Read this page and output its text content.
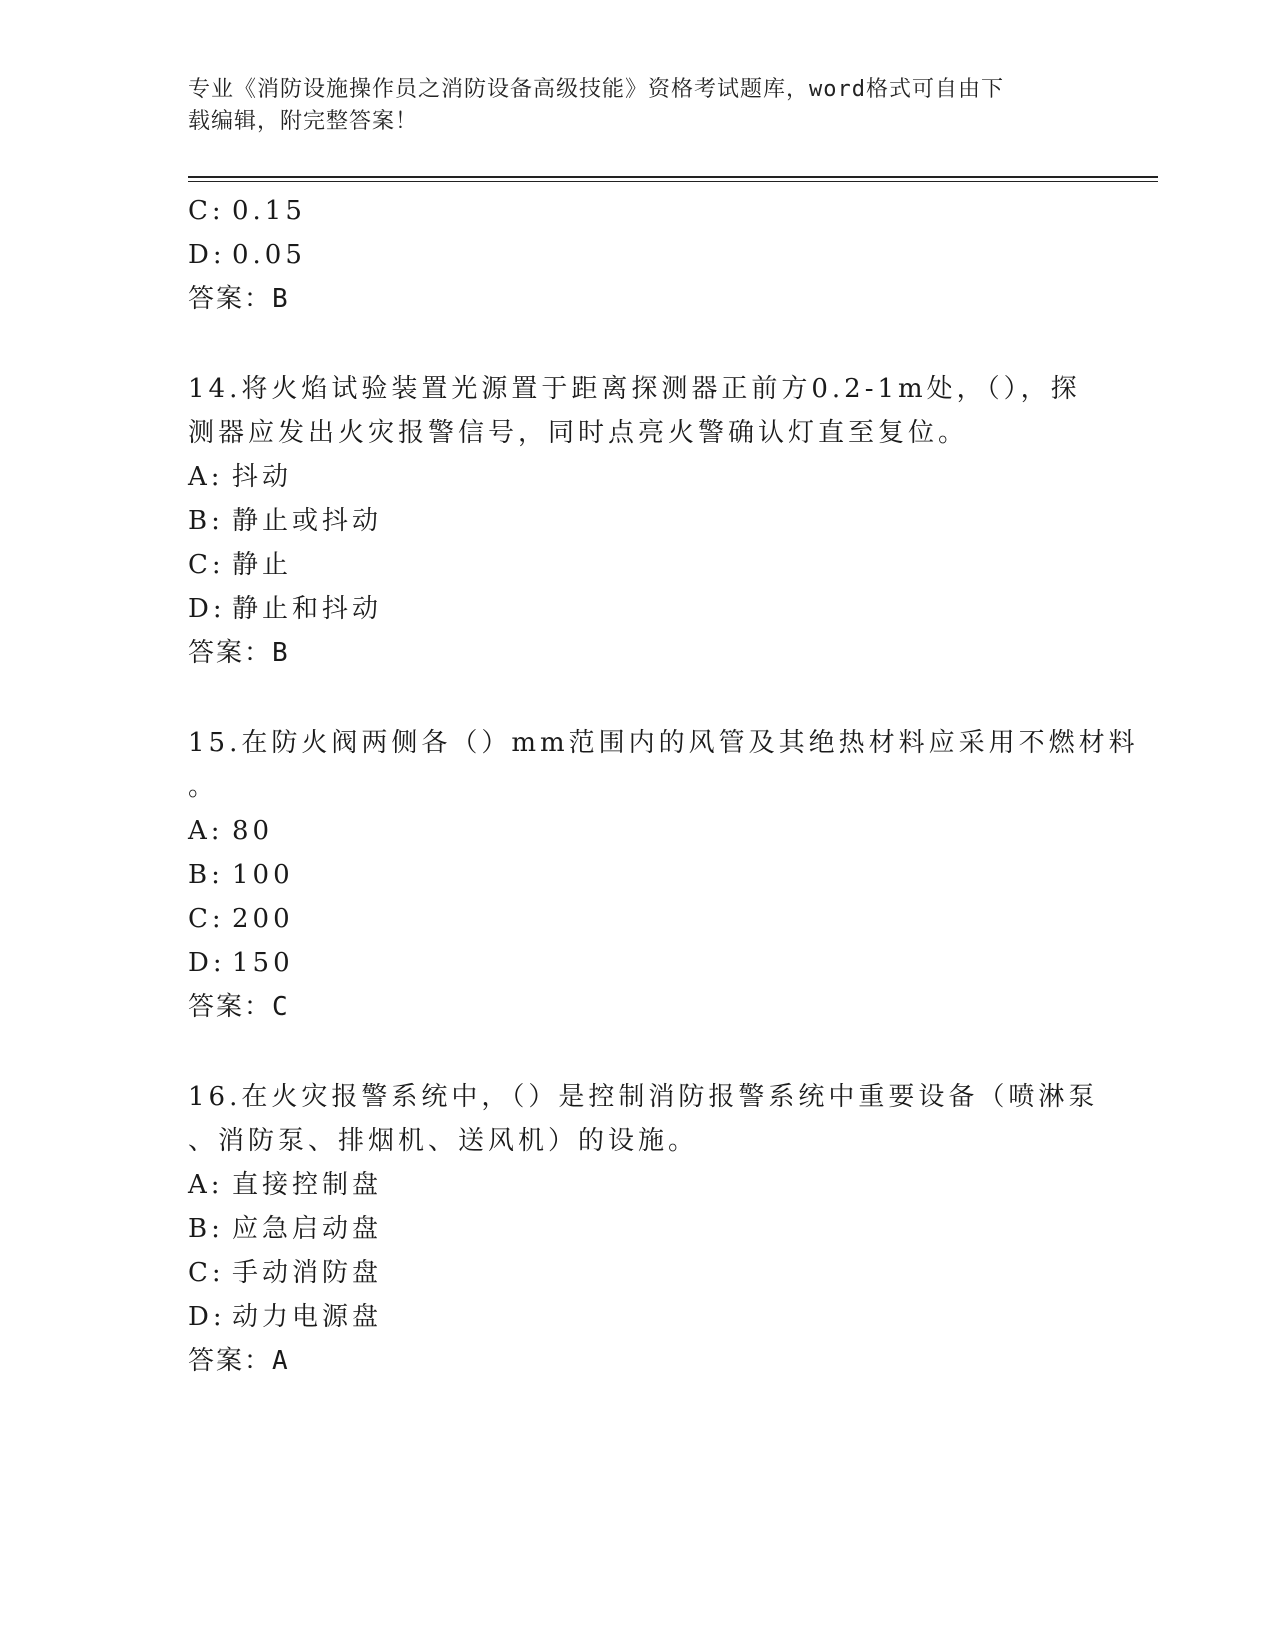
专业《消防设施操作员之消防设备高级技能》资格考试题库，word格式可自由下
载编辑，附完整答案！
C: 0.15
D: 0.05
答案：B
14.将火焰试验装置光源置于距离探测器正前方0.2-1m处，（），探
测器应发出火灾报警信号，同时点亮火警确认灯直至复位。
A: 抖动
B: 静止或抖动
C: 静止
D: 静止和抖动
答案：B
15.在防火阀两侧各（）mm范围内的风管及其绝热材料应采用不燃材料
。
A: 80
B: 100
C: 200
D: 150
答案：C
16.在火灾报警系统中，（）是控制消防报警系统中重要设备（喷淋泵
、消防泵、排烟机、送风机）的设施。
A: 直接控制盘
B: 应急启动盘
C: 手动消防盘
D: 动力电源盘
答案：A
